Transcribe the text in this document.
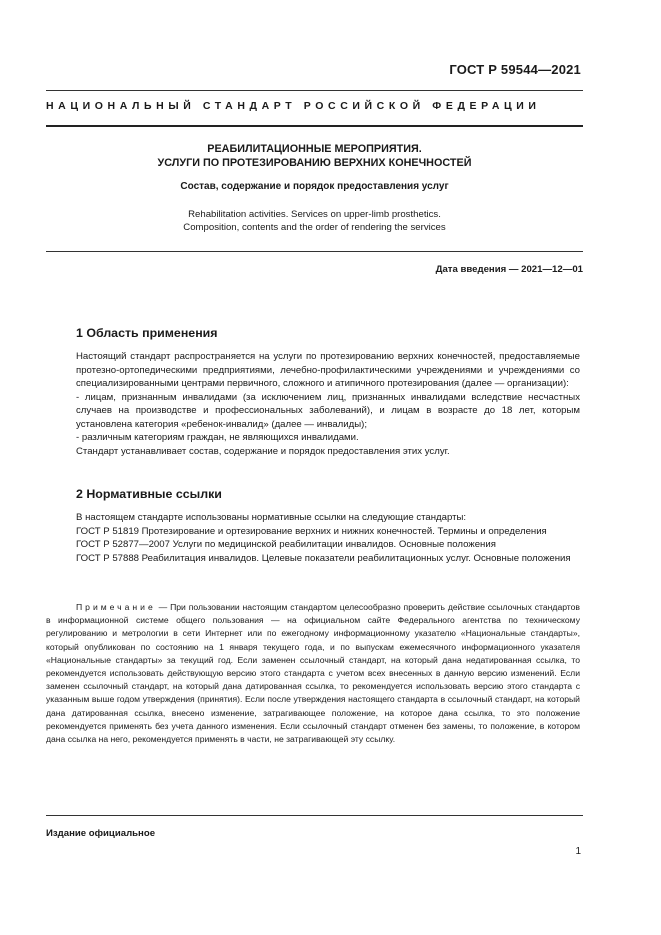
ГОСТ Р 59544—2021
НАЦИОНАЛЬНЫЙ СТАНДАРТ РОССИЙСКОЙ ФЕДЕРАЦИИ
РЕАБИЛИТАЦИОННЫЕ МЕРОПРИЯТИЯ.
УСЛУГИ ПО ПРОТЕЗИРОВАНИЮ ВЕРХНИХ КОНЕЧНОСТЕЙ
Состав, содержание и порядок предоставления услуг
Rehabilitation activities. Services on upper-limb prosthetics.
Composition, contents and the order of rendering the services
Дата введения — 2021—12—01
1 Область применения

Настоящий стандарт распространяется на услуги по протезированию верхних конечностей, предоставляемые протезно-ортопедическими предприятиями, лечебно-профилактическими учреждениями и учреждениями со специализированными центрами первичного, сложного и атипичного протезирования (далее — организации):

- лицам, признанным инвалидами (за исключением лиц, признанных инвалидами вследствие несчастных случаев на производстве и профессиональных заболеваний), и лицам в возрасте до 18 лет, которым установлена категория «ребенок-инвалид» (далее — инвалиды);

- различным категориям граждан, не являющихся инвалидами.

Стандарт устанавливает состав, содержание и порядок предоставления этих услуг.

2 Нормативные ссылки

В настоящем стандарте использованы нормативные ссылки на следующие стандарты:

ГОСТ Р 51819 Протезирование и ортезирование верхних и нижних конечностей. Термины и определения

ГОСТ Р 52877—2007 Услуги по медицинской реабилитации инвалидов. Основные положения

ГОСТ Р 57888 Реабилитация инвалидов. Целевые показатели реабилитационных услуг. Основные положения

Примечание — При пользовании настоящим стандартом целесообразно проверить действие ссылочных стандартов в информационной системе общего пользования — на официальном сайте Федерального агентства по техническому регулированию и метрологии в сети Интернет или по ежегодному информационному указателю «Национальные стандарты», который опубликован по состоянию на 1 января текущего года, и по выпускам ежемесячного информационного указателя «Национальные стандарты» за текущий год. Если заменен ссылочный стандарт, на который дана недатированная ссылка, то рекомендуется использовать действующую версию этого стандарта с учетом всех внесенных в данную версию изменений. Если заменен ссылочный стандарт, на который дана датированная ссылка, то рекомендуется использовать версию этого стандарта с указанным выше годом утверждения (принятия). Если после утверждения настоящего стандарта в ссылочный стандарт, на который дана датированная ссылка, внесено изменение, затрагивающее положение, на которое дана ссылка, то это положение рекомендуется применять без учета данного изменения. Если ссылочный стандарт отменен без замены, то положение, в котором дана ссылка на него, рекомендуется применять в части, не затрагивающей эту ссылку.

Издание официальное
1
